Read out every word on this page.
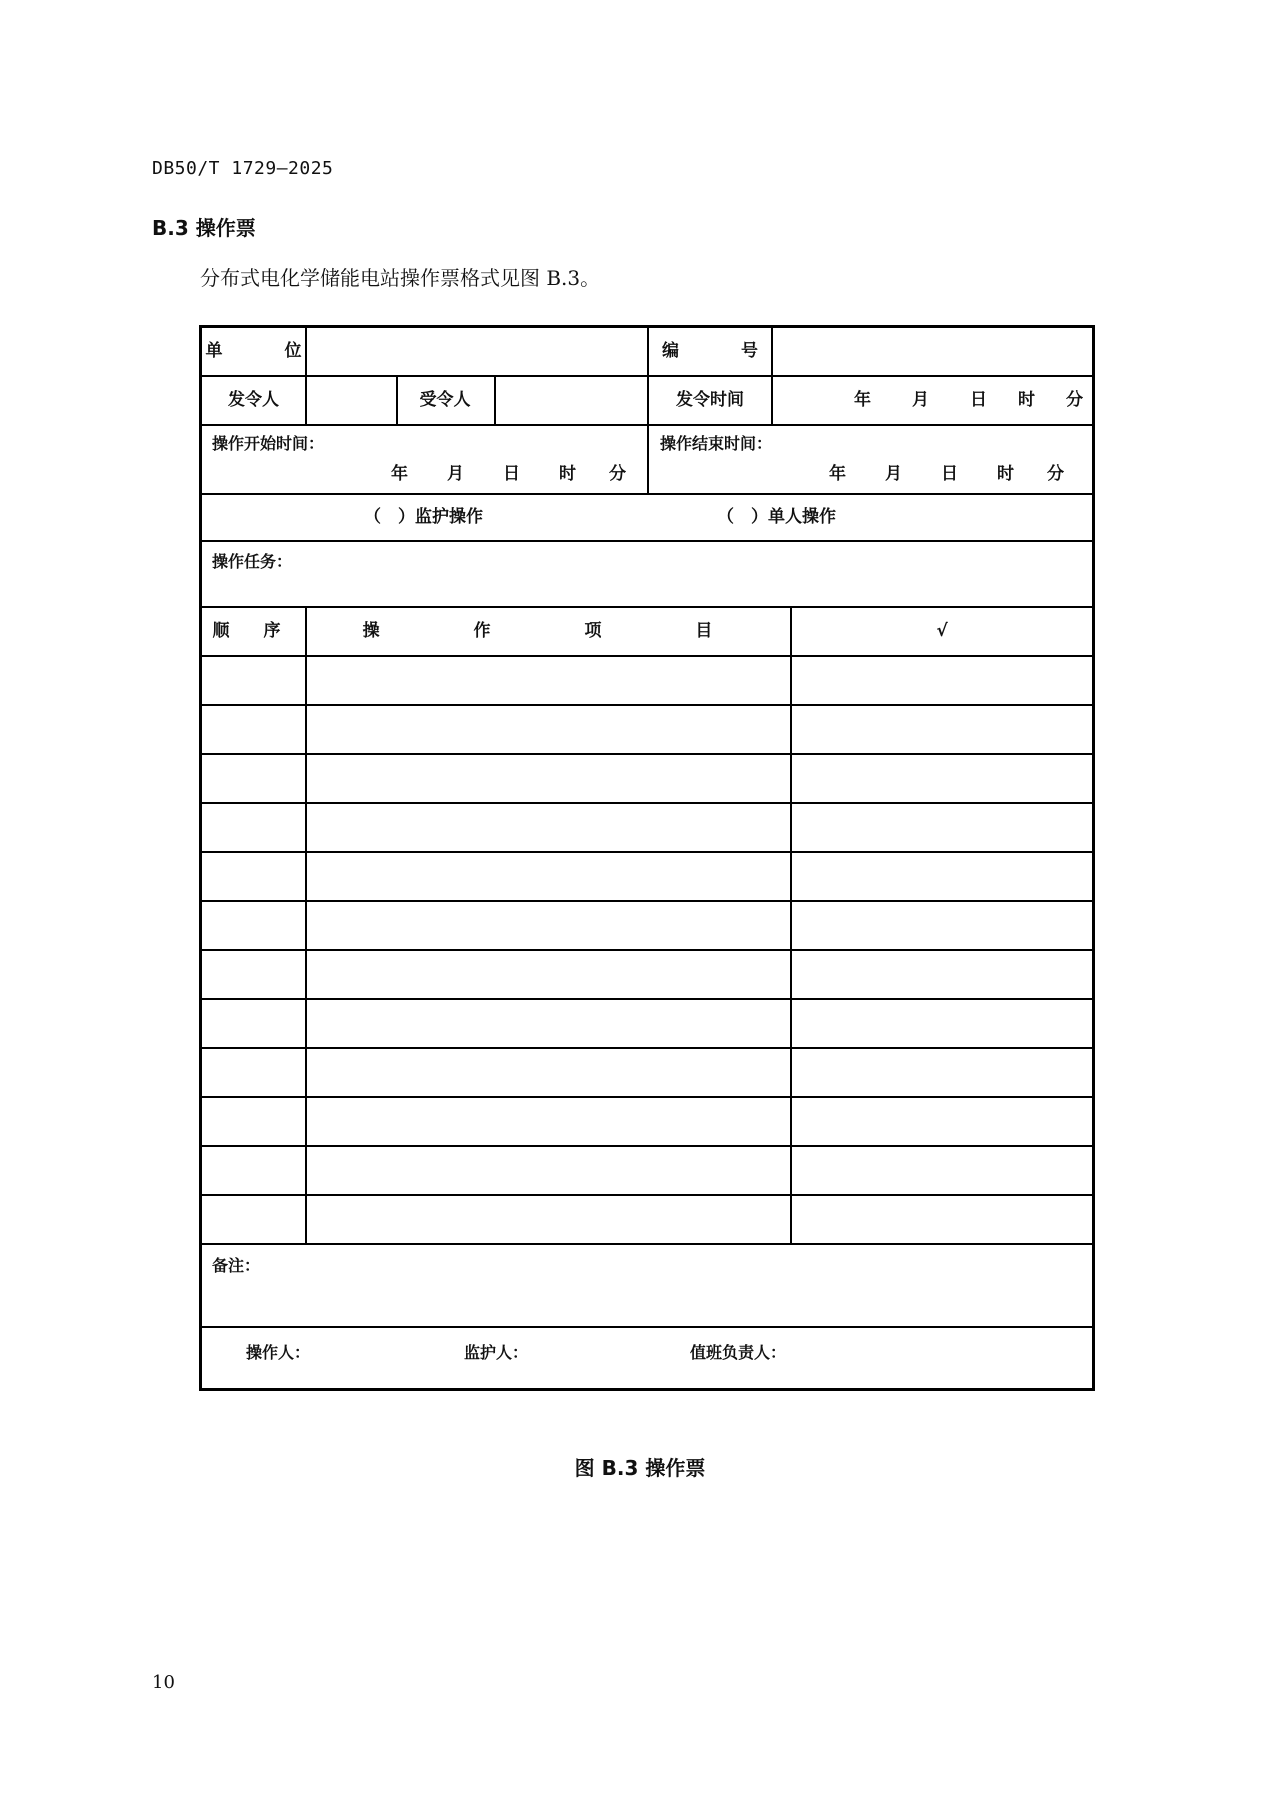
DB50/T 1729—2025
B.3 操作票
分布式电化学储能电站操作票格式见图 B.3。
单 位	编 号
发令人	受令人	发令时间	年 月 日 时 分
操作开始时间：
年 月 日 时 分
操作结束时间：
年 月 日 时 分
（　）监护操作	（　）单人操作
操作任务：
顺 序	操 作 项 目	√
备注：
操作人：	监护人：	值班负责人：
图 B.3 操作票
10
